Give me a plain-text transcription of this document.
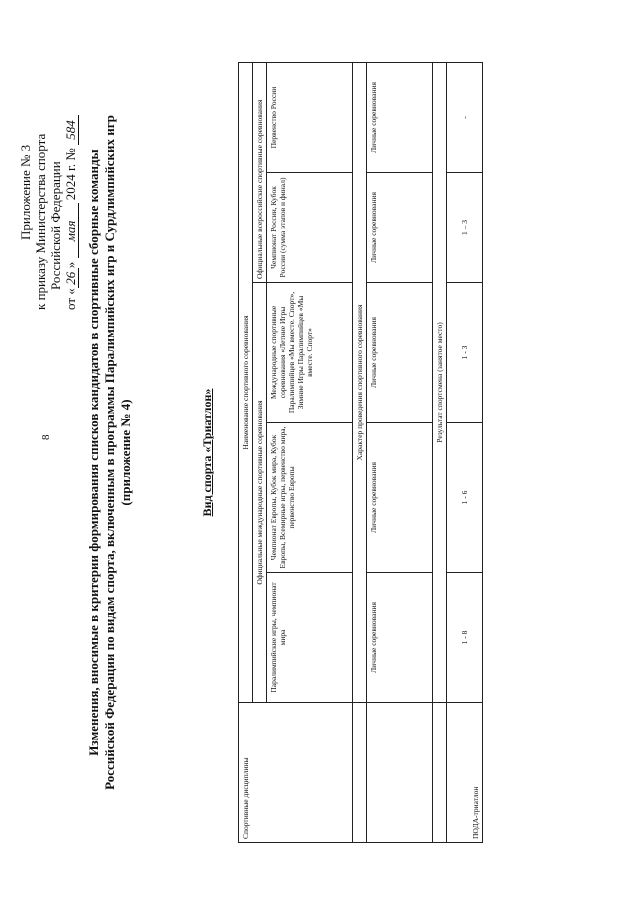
8
Приложение № 3 к приказу Министерства спорта Российской Федерации
от «26» мая 2024 г. № 584
Изменения, вносимые в критерии формирования списков кандидатов в спортивные сборные команды Российской Федерации по видам спорта, включенным в программы Паралимпийских игр и Сурдлимпийских игр (приложение № 4)	Вид спорта «Триатлон»
Спортивные дисциплины	Наименование спортивного соревнования				
	Официальные международные спортивные соревнования			Официальные всероссийские спортивные соревнования	
	Паралимпийские игры, чемпионат мира	Чемпионат Европы, Кубок мира, Кубок Европы, Всемирные игры, первенство мира, первенство Европы	Международные спортивные соревнования «Летние Игры Паралимпийцев «Мы вместе. Спорт», Зимние Игры Паралимпийцев «Мы вместе. Спорт»	Чемпионат России, Кубок России (сумма этапов и финал)	Первенство России
	Характер проведения спортивного соревнования				
	Личные соревнования	Личные соревнования	Личные соревнования	Личные соревнования	Личные соревнования
	Результат спортсмена (занятое место)				
ПОДА-триатлон	1 - 8	1 - 6	1 - 3	1 – 3	-
